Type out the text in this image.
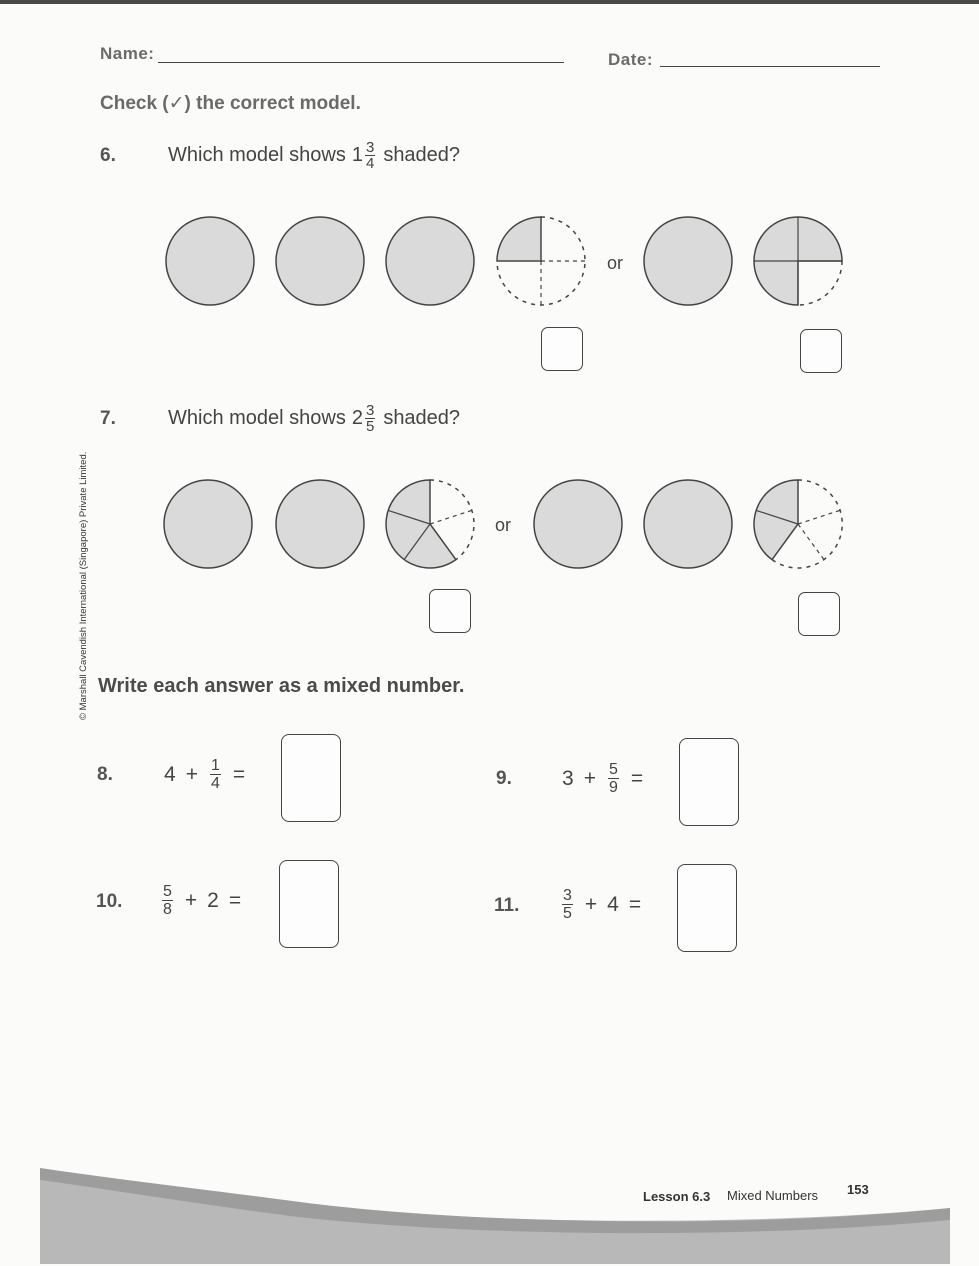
Name:	Date:
Check (✓) the correct model.
6.	Which model shows $1 \frac{3}{4}$ shaded?
or
7.	Which model shows $2 \frac{3}{5}$ shaded?
or
Write each answer as a mixed number.
8. $4 + \frac{1}{4}$ =	9. $3 + \frac{5}{9}$ =
10. $\frac{5}{8} + 2$ =	11.	$\frac{3}{5} + 4$ =
© Marshall Cavendish International (Singapore) Private Limited.
Lesson 6.3 Mixed Numbers 153
